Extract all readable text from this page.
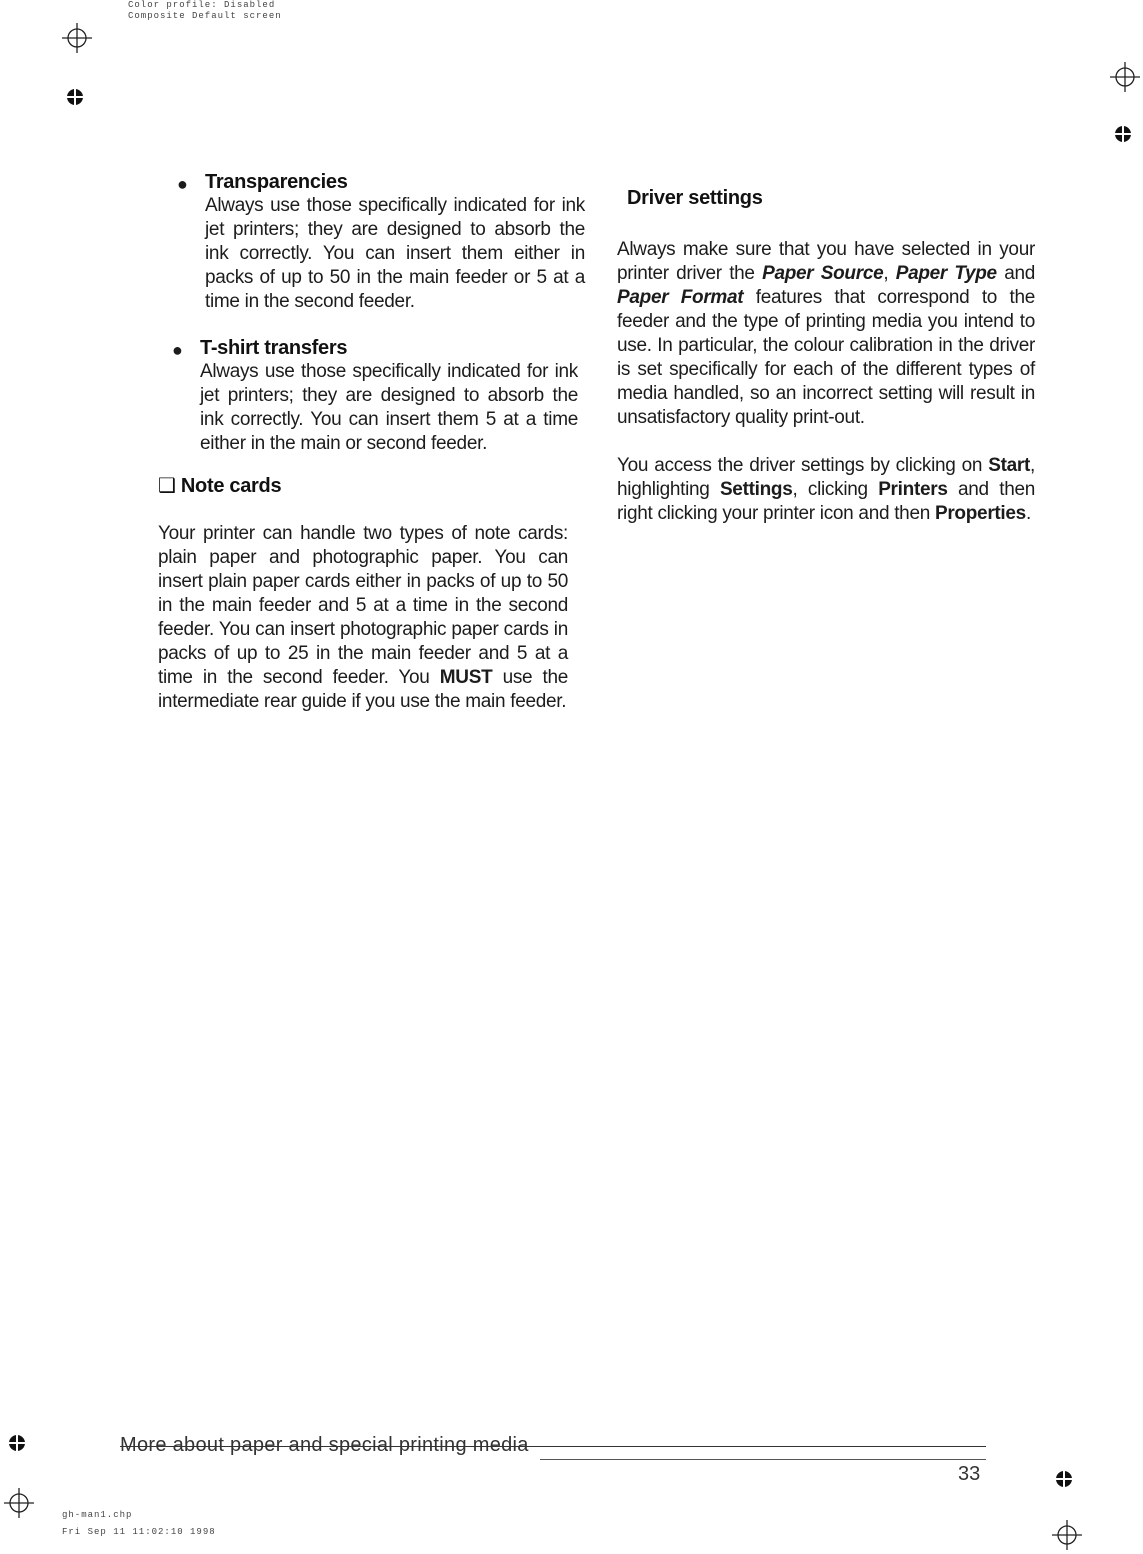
Color profile: Disabled
Composite Default screen
● Transparencies

Always use those specifically indicated for ink jet printers; they are designed to absorb the ink correctly. You can insert them either in packs of up to 50 in the main feeder or 5 at a time in the second feeder.

● T-shirt transfers

Always use those specifically indicated for ink jet printers; they are designed to absorb the ink correctly. You can insert them 5 at a time either in the main or second feeder.

❑ Note cards

Your printer can handle two types of note cards: plain paper and photographic paper. You can insert plain paper cards either in packs of up to 50 in the main feeder and 5 at a time in the second feeder. You can insert photographic paper cards in packs of up to 25 in the main feeder and 5 at a time in the second feeder. You MUST use the intermediate rear guide if you use the main feeder.

Driver settings

Always make sure that you have selected in your printer driver the Paper Source, Paper Type and Paper Format features that correspond to the feeder and the type of printing media you intend to use. In particular, the colour calibration in the driver is set specifically for each of the different types of media handled, so an incorrect setting will result in unsatisfactory quality print-out.

You access the driver settings by clicking on Start, highlighting Settings, clicking Printers and then right clicking your printer icon and then Properties.

More about paper and special printing media
33
gh-man1.chp
Fri Sep 11 11:02:10 1998
